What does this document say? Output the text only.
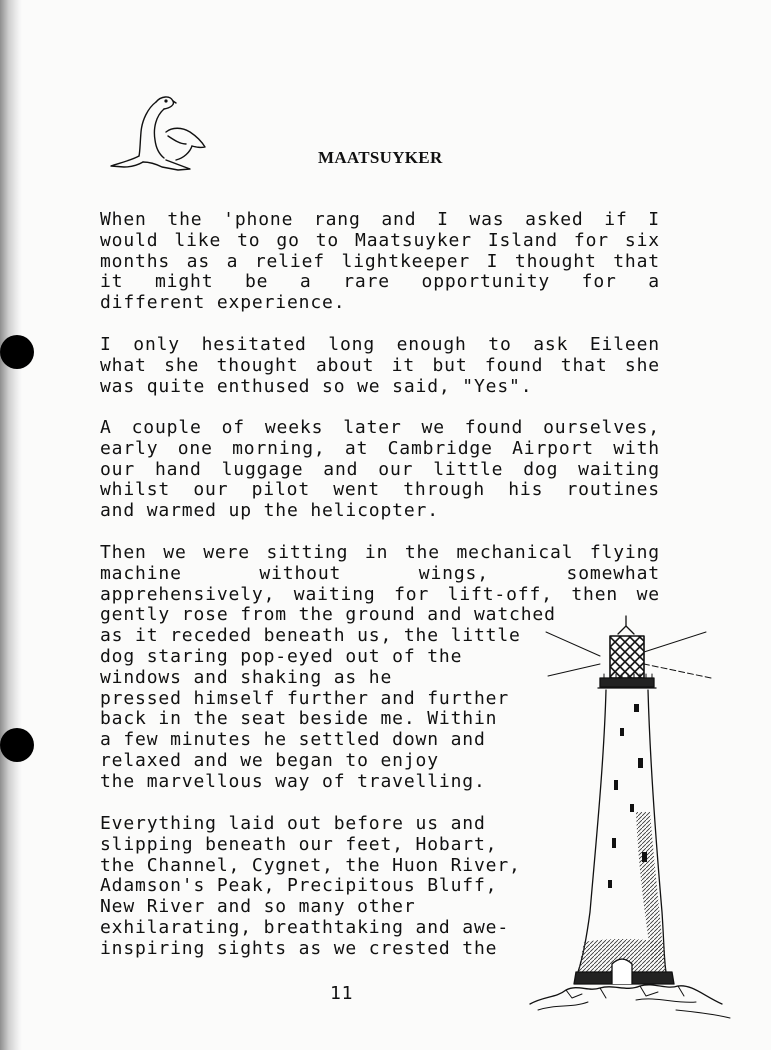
MAATSUYKER

When the 'phone rang and I was asked if I
would like to go to Maatsuyker Island for six
months as a relief lightkeeper I thought that
it might be a rare opportunity for a
different experience.

I only hesitated long enough to ask Eileen
what she thought about it but found that she
was quite enthused so we said, "Yes".

A couple of weeks later we found ourselves,
early one morning, at Cambridge Airport with
our hand luggage and our little dog waiting
whilst our pilot went through his routines
and warmed up the helicopter.

Then we were sitting in the mechanical flying
machine without wings, somewhat
apprehensively, waiting for lift-off, then we
gently rose from the ground and watched
as it receded beneath us, the little
dog staring pop-eyed out of the
windows and shaking as he
pressed himself further and further
back in the seat beside me. Within
a few minutes he settled down and
relaxed and we began to enjoy
the marvellous way of travelling.

Everything laid out before us and
slipping beneath our feet, Hobart,
the Channel, Cygnet, the Huon River,
Adamson's Peak, Precipitous Bluff,
New River and so many other
exhilarating, breathtaking and awe-
inspiring sights as we crested the

11
